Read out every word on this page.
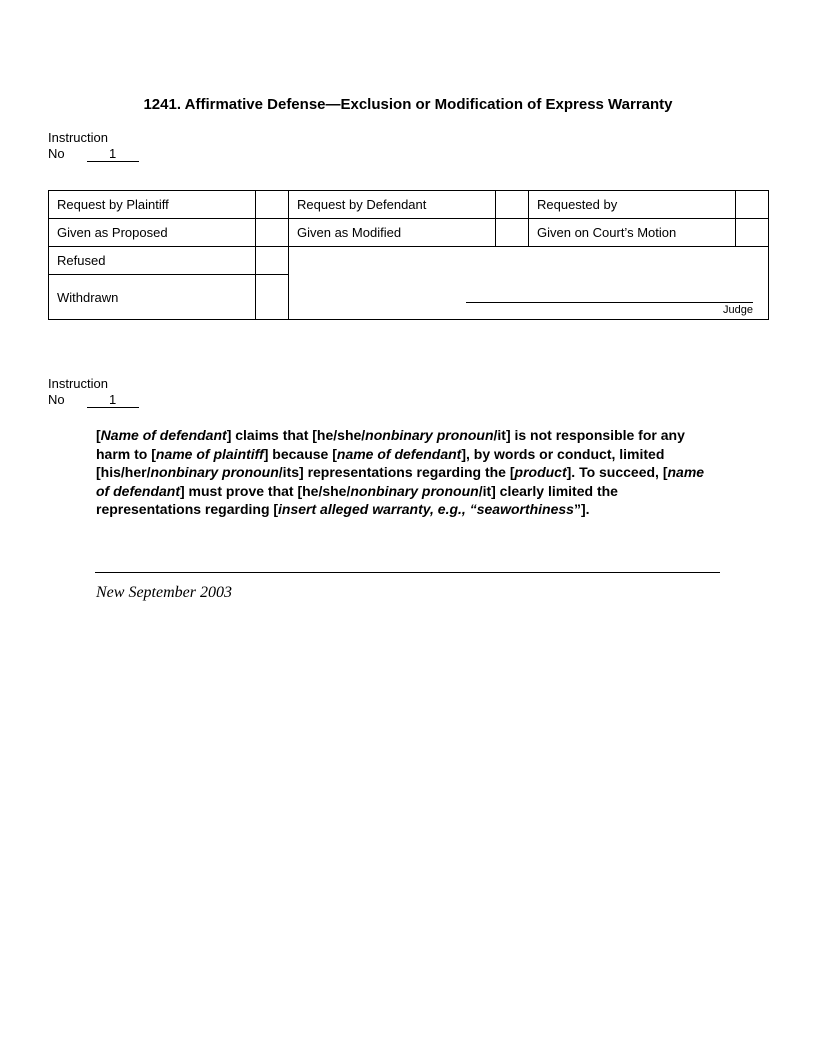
1241. Affirmative Defense—Exclusion or Modification of Express Warranty
Instruction
No	1
Request by Plaintiff		Request by Defendant		Requested by	
Given as Proposed		Given as Modified		Given on Court’s Motion	
Refused		Judge			

Withdrawn					
Instruction
No	1

[Name of defendant] claims that [he/she/nonbinary pronoun/it] is not responsible for any harm to [name of plaintiff] because [name of defendant], by words or conduct, limited [his/her/nonbinary pronoun/its] representations regarding the [product]. To succeed, [name of defendant] must prove that [he/she/nonbinary pronoun/it] clearly limited the representations regarding [insert alleged warranty, e.g., “seaworthiness”].

New September 2003
